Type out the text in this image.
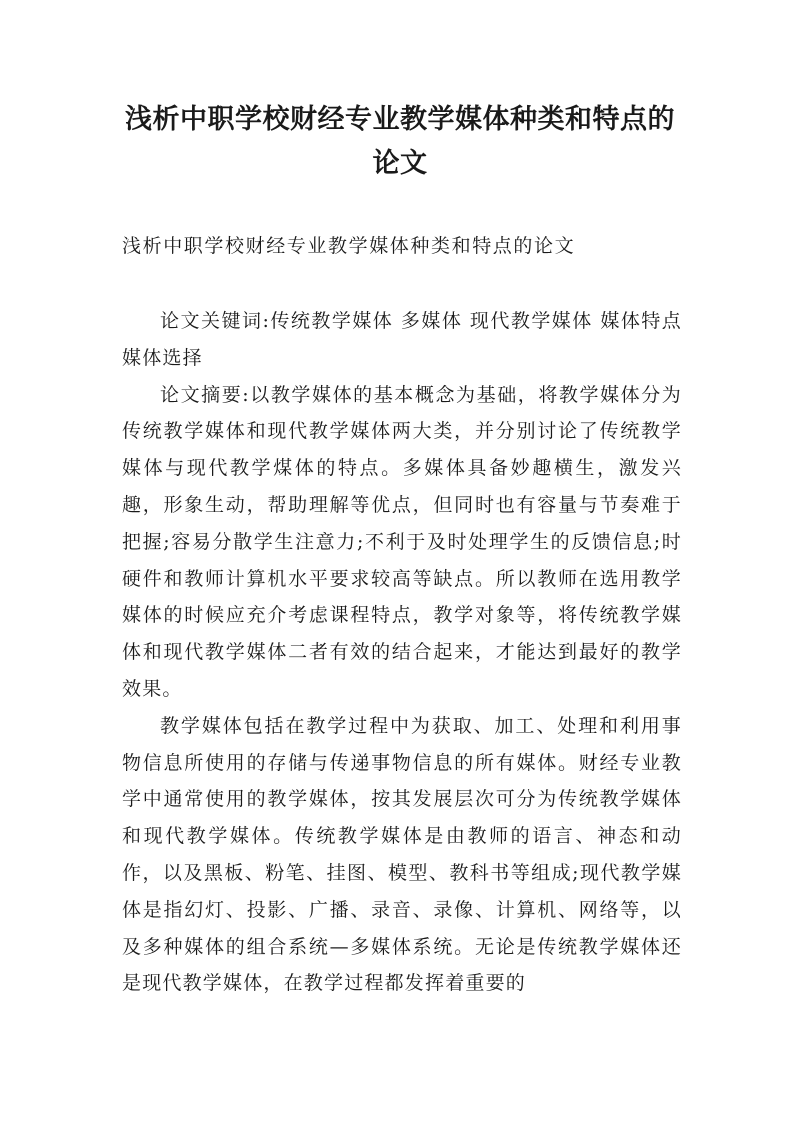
浅析中职学校财经专业教学媒体种类和特点的论文

浅析中职学校财经专业教学媒体种类和特点的论文

论文关键词:传统教学媒体 多媒体 现代教学媒体 媒体特点 媒体选择

论文摘要:以教学媒体的基本概念为基础，将教学媒体分为传统教学媒体和现代教学媒体两大类，并分别讨论了传统教学媒体与现代教学煤体的特点。多媒体具备妙趣横生，激发兴趣，形象生动，帮助理解等优点，但同时也有容量与节奏难于把握;容易分散学生注意力;不利于及时处理学生的反馈信息;时硬件和教师计算机水平要求较高等缺点。所以教师在选用教学媒体的时候应充介考虑课程特点，教学对象等，将传统教学媒体和现代教学媒体二者有效的结合起来，才能达到最好的教学效果。

教学媒体包括在教学过程中为获取、加工、处理和利用事物信息所使用的存储与传递事物信息的所有媒体。财经专业教学中通常使用的教学媒体，按其发展层次可分为传统教学媒体和现代教学媒体。传统教学媒体是由教师的语言、神态和动作，以及黑板、粉笔、挂图、模型、教科书等组成;现代教学媒体是指幻灯、投影、广播、录音、录像、计算机、网络等，以及多种媒体的组合系统—多媒体系统。无论是传统教学媒体还是现代教学媒体，在教学过程都发挥着重要的
